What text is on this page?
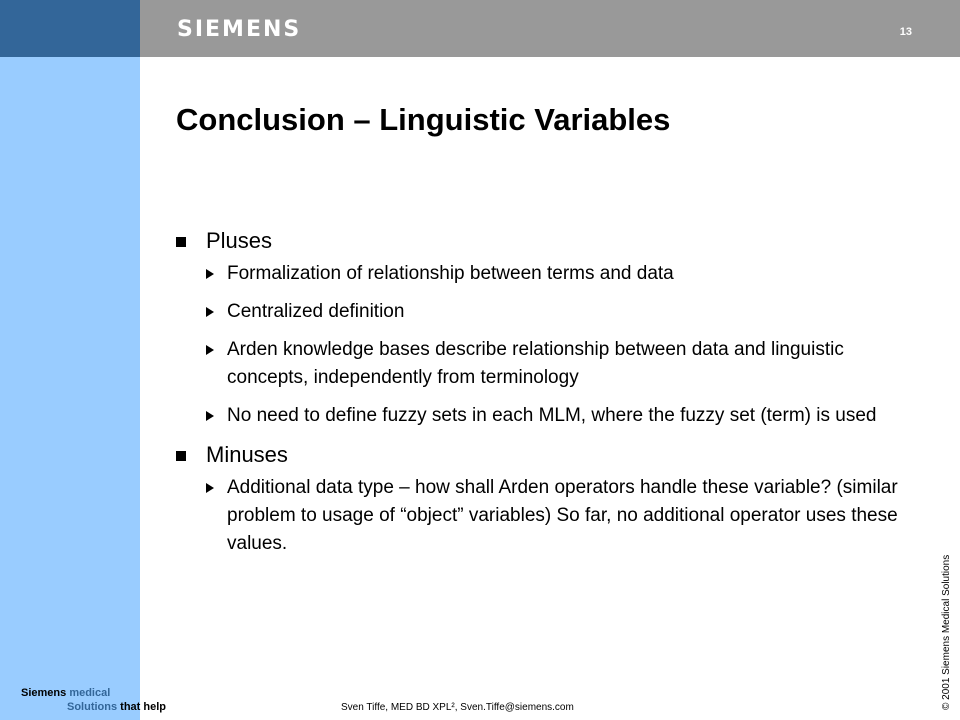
SIEMENS	13
Conclusion – Linguistic Variables
Pluses
Formalization of relationship between terms and data
Centralized definition
Arden knowledge bases describe relationship between data and linguistic concepts, independently from terminology
No need to define fuzzy sets in each MLM, where the fuzzy set (term) is used
Minuses
Additional data type – how shall Arden operators handle these variable? (similar problem to usage of “object” variables) So far, no additional operator uses these values.
Siemens medical
Solutions that help	Sven Tiffe, MED BD XPL², Sven.Tiffe@siemens.com	© 2001 Siemens Medical Solutions
